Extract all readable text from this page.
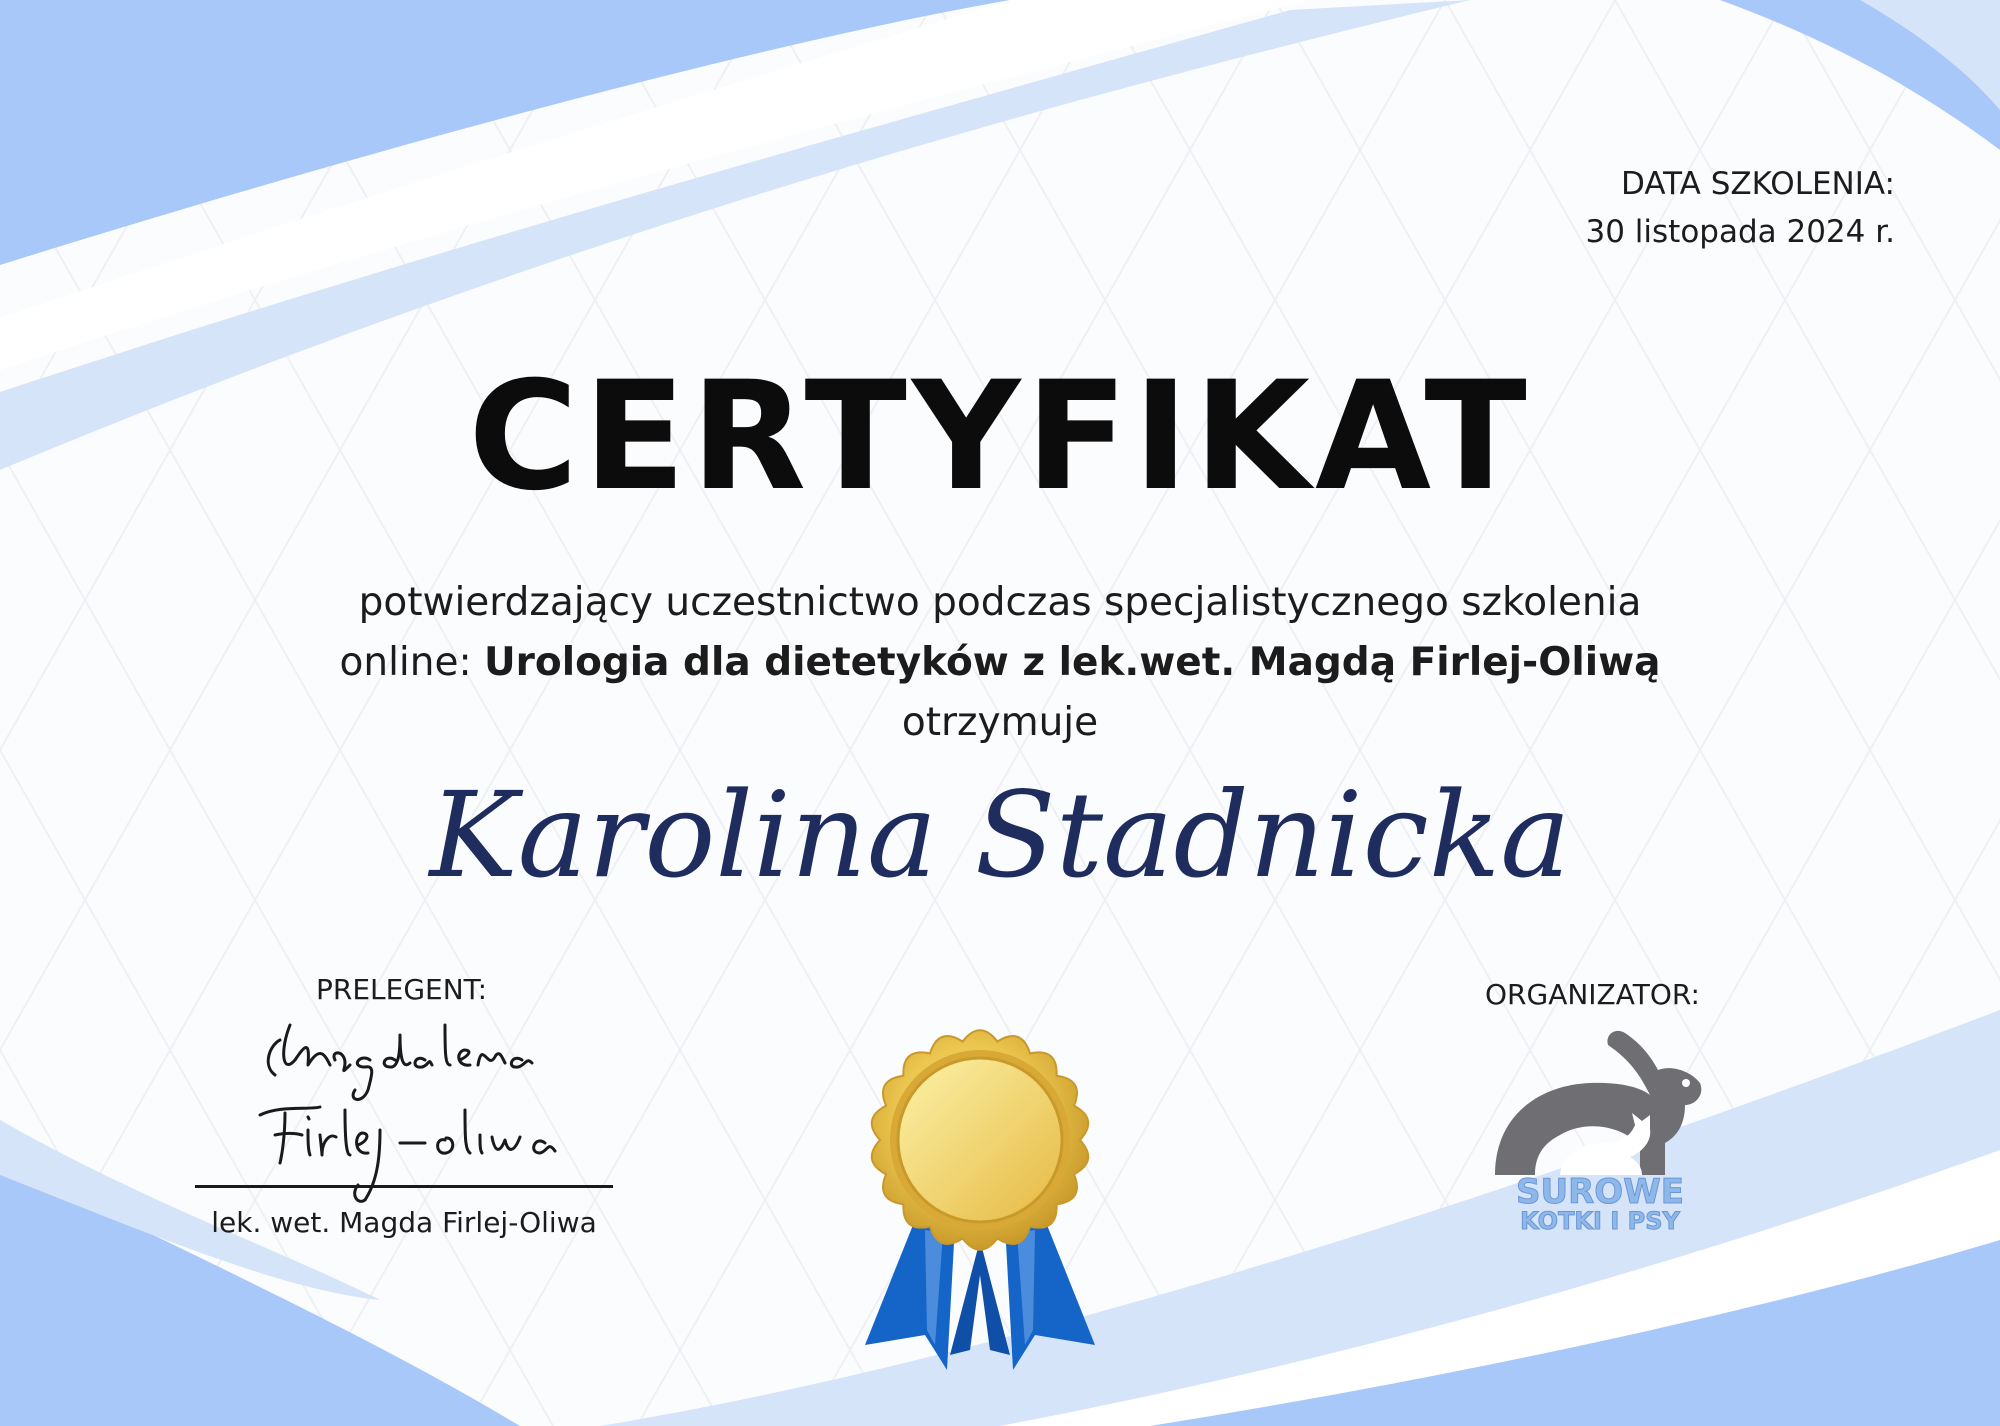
DATA SZKOLENIA:
30 listopada 2024 r.
CERTYFIKAT
potwierdzający uczestnictwo podczas specjalistycznego szkolenia
online: Urologia dla dietetyków z lek.wet. Magdą Firlej-Oliwą
otrzymuje
Karolina Stadnicka
PRELEGENT:
lek. wet. Magda Firlej-Oliwa
ORGANIZATOR:
SUROWE
KOTKI I PSY
